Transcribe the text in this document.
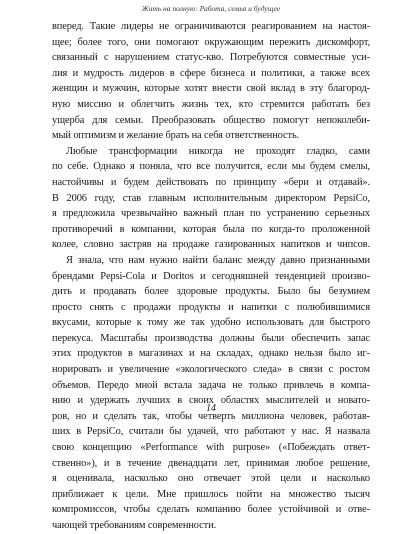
Жить на полную: Работа, семья и будущее

вперед. Такие лидеры не ограничиваются реагированием на настоя-
щее; более того, они помогают окружающим пережить дискомфорт,
связанный с нарушением статус-кво. Потребуются совместные уси-
лия и мудрость лидеров в сфере бизнеса и политики, а также всех
женщин и мужчин, которые хотят внести свой вклад в эту благород-
ную миссию и облегчить жизнь тех, кто стремится работать без
ущерба для семьи. Преобразовать общество помогут непоколеби-
мый оптимизм и желание брать на себя ответственность.

Любые трансформации никогда не проходят гладко, сами
по себе. Однако я поняла, что все получится, если мы будем смелы,
настойчивы и будем действовать по принципу «бери и отдавай».
В 2006 году, став главным исполнительным директором PepsiCo,
я предложила чрезвычайно важный план по устранению серьезных
противоречий в компании, которая была по когда-то проложенной
колее, словно застряв на продаже газированных напитков и чипсов.
Я знала, что нам нужно найти баланс между давно признанными
брендами Pepsi-Cola и Doritos и сегодняшней тенденцией произво-
дить и продавать более здоровые продукты. Было бы безумием
просто снять с продажи продукты и напитки с полюбившимися
вкусами, которые к тому же так удобно использовать для быстрого
перекуса. Масштабы производства должны были обеспечить запас
этих продуктов в магазинах и на складах, однако нельзя было иг-
норировать и увеличение «экологического следа» в связи с ростом
объемов. Передо мной встала задача не только привлечь в компа-
нию и удержать лучших в своих областях мыслителей и новато-
ров, но и сделать так, чтобы четверть миллиона человек, работав-
ших в PepsiCo, считали бы удачей, что работают у нас. Я назвала
свою концепцию «Performance with purpose» («Побеждать ответ-
ственно»), и в течение двенадцати лет, принимая любое решение,
я оценивала, насколько оно отвечает этой цели и насколько
приближает к цели. Мне пришлось пойти на множество тысяч
компромиссов, чтобы сделать компанию более устойчивой и отве-
чающей требованиям современности.

14
